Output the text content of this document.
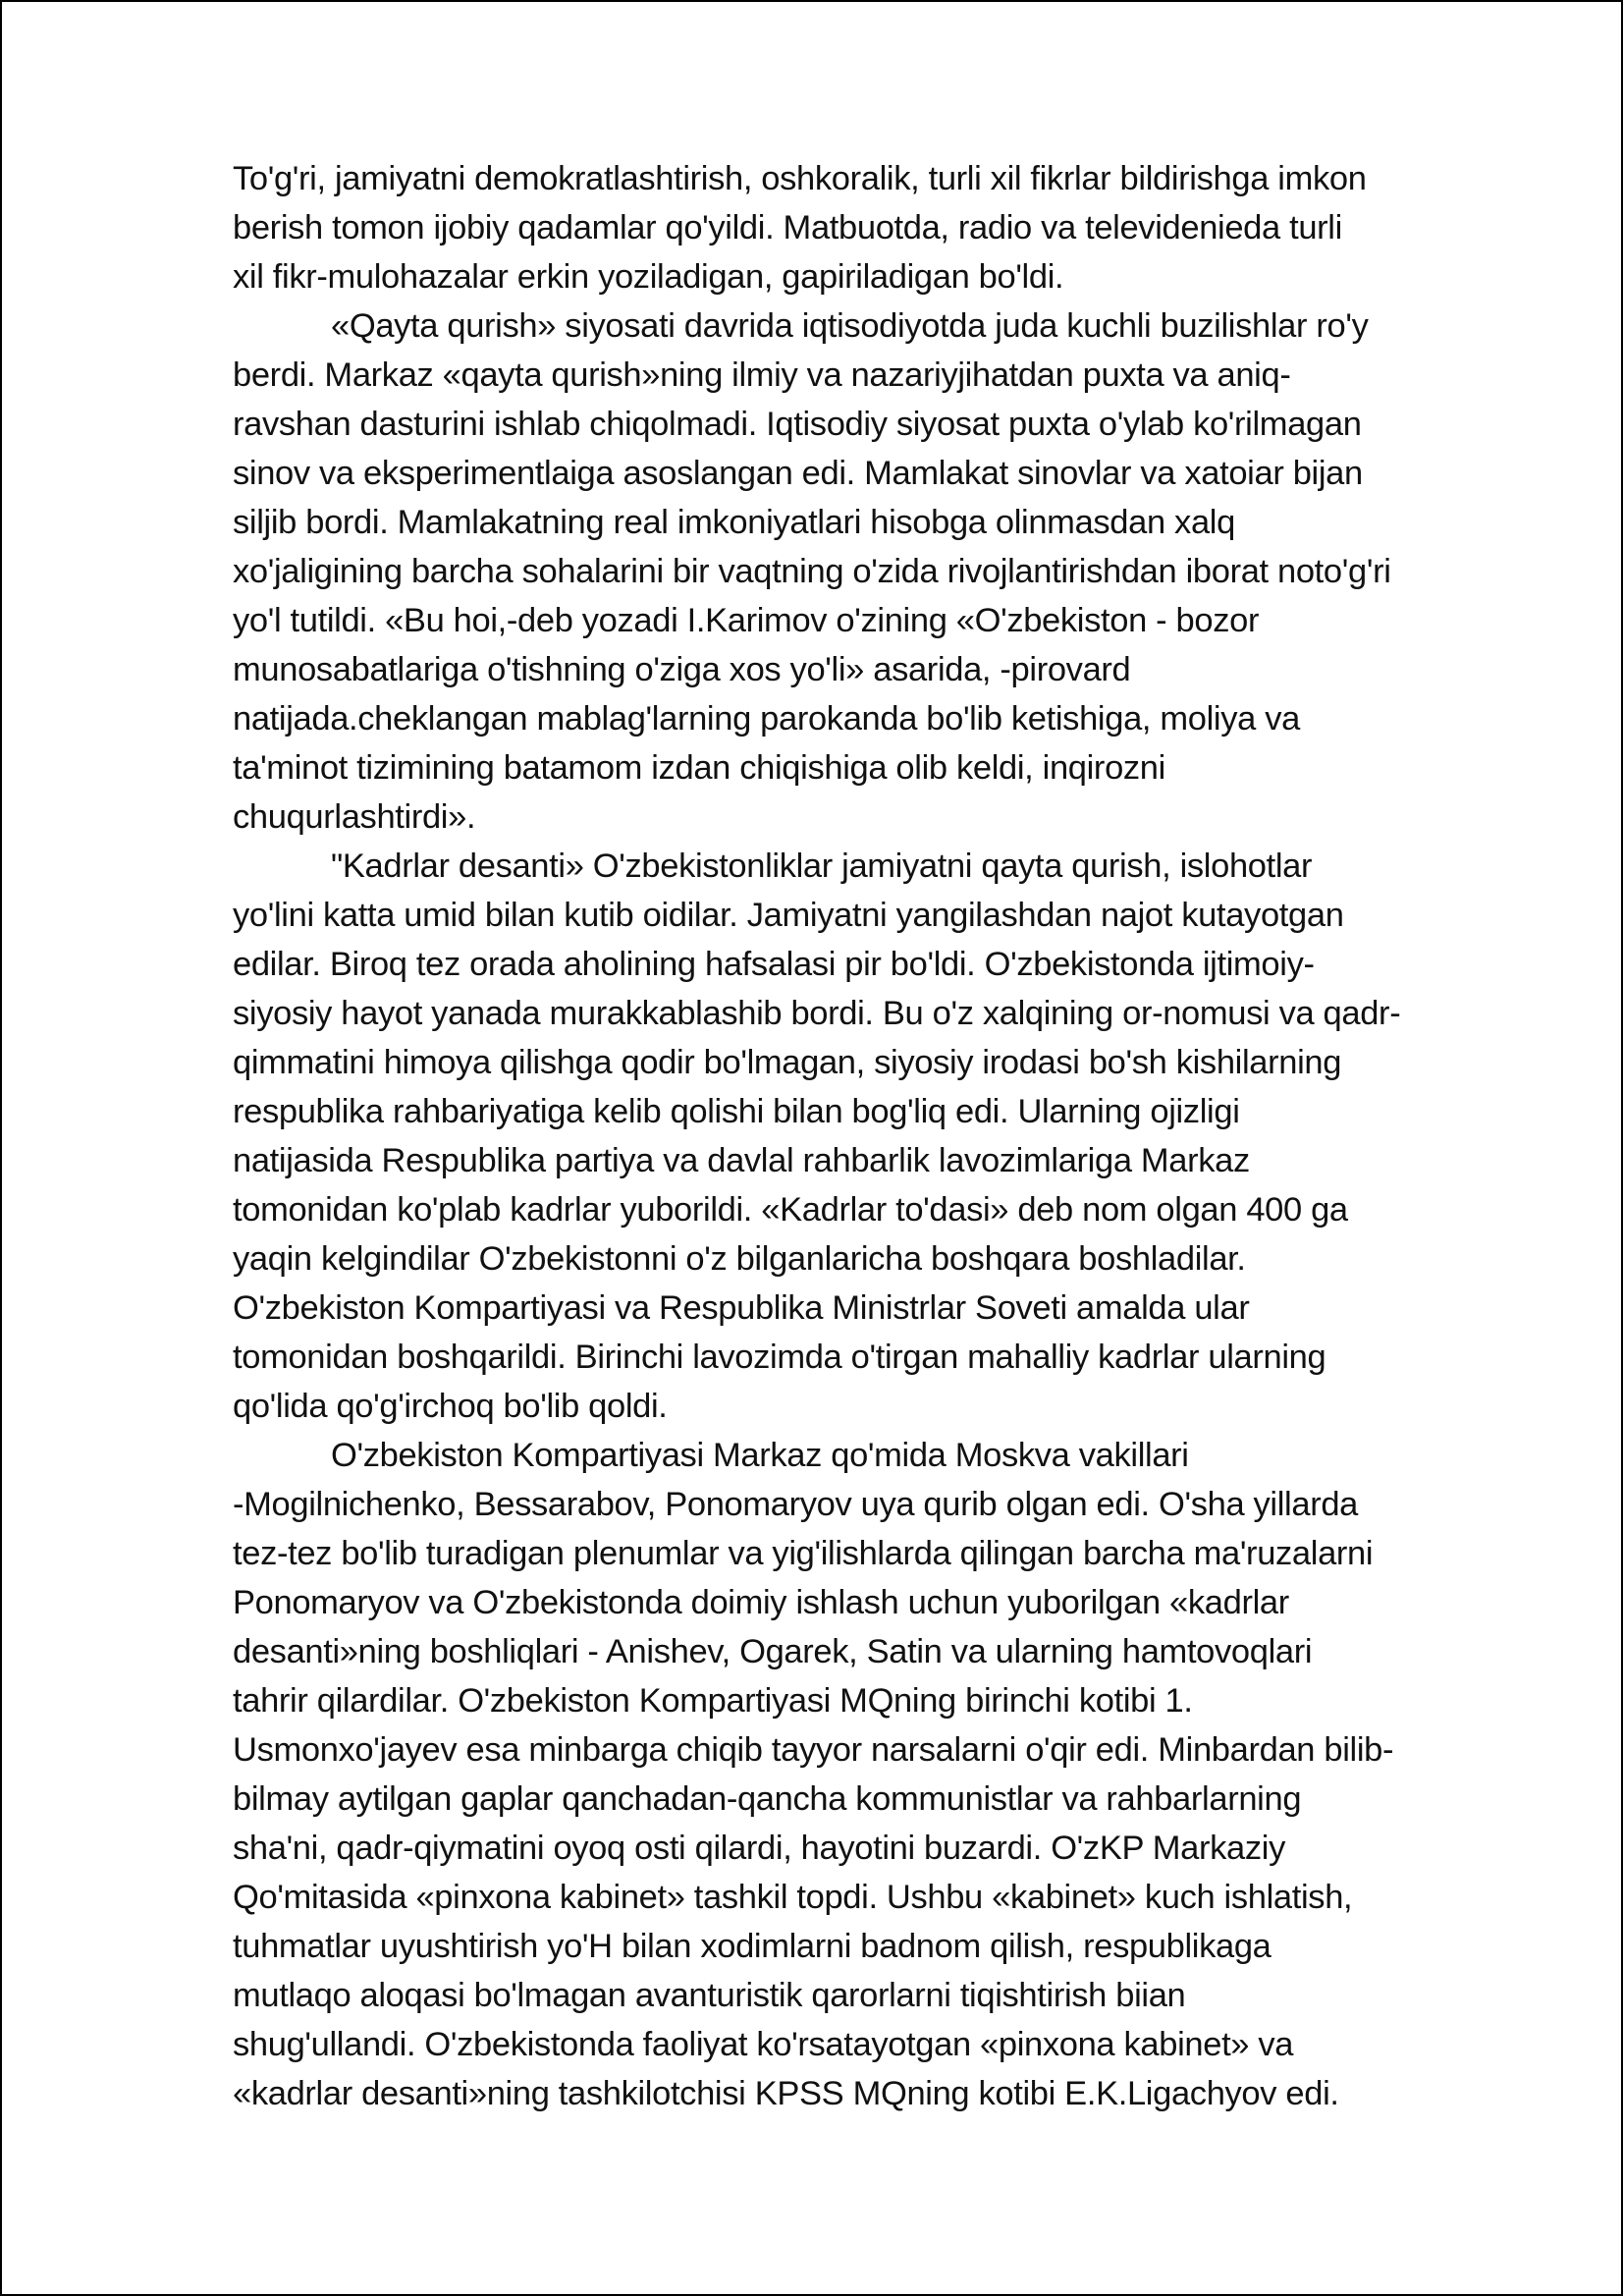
To'g'ri, jamiyatni demokratlashtirish, oshkoralik, turli xil fikrlar bildirishga imkon
berish tomon ijobiy qadamlar qo'yildi. Matbuotda, radio va televidenieda turli
xil fikr-mulohazalar erkin yoziladigan, gapiriladigan bo'ldi.

«Qayta qurish» siyosati davrida iqtisodiyotda juda kuchli buzilishlar ro'y
berdi. Markaz «qayta qurish»ning ilmiy va nazariyjihatdan puxta va aniq-
ravshan dasturini ishlab chiqolmadi. Iqtisodiy siyosat puxta o'ylab ko'rilmagan
sinov va eksperimentlaiga asoslangan edi. Mamlakat sinovlar va xatoiar bijan
siljib bordi. Mamlakatning real imkoniyatlari hisobga olinmasdan xalq
xo'jaligining barcha sohalarini bir vaqtning o'zida rivojlantirishdan iborat noto'g'ri
yo'l tutildi. «Bu hoi,-deb yozadi I.Karimov o'zining «O'zbekiston - bozor
munosabatlariga o'tishning o'ziga xos yo'li» asarida, -pirovard
natijada.cheklangan mablag'larning parokanda bo'lib ketishiga, moliya va
ta'minot tizimining batamom izdan chiqishiga olib keldi, inqirozni
chuqurlashtirdi».

"Kadrlar desanti» O'zbekistonliklar jamiyatni qayta qurish, islohotlar
yo'lini katta umid bilan kutib oidilar. Jamiyatni yangilashdan najot kutayotgan
edilar. Biroq tez orada aholining hafsalasi pir bo'ldi. O'zbekistonda ijtimoiy-
siyosiy hayot yanada murakkablashib bordi. Bu o'z xalqining or-nomusi va qadr-
qimmatini himoya qilishga qodir bo'lmagan, siyosiy irodasi bo'sh kishilarning
respublika rahbariyatiga kelib qolishi bilan bog'liq edi. Ularning ojizligi
natijasida Respublika partiya va davlal rahbarlik lavozimlariga Markaz
tomonidan ko'plab kadrlar yuborildi. «Kadrlar to'dasi» deb nom olgan 400 ga
yaqin kelgindilar O'zbekistonni o'z bilganlaricha boshqara boshladilar.
O'zbekiston Kompartiyasi va Respublika Ministrlar Soveti amalda ular
tomonidan boshqarildi. Birinchi lavozimda o'tirgan mahalliy kadrlar ularning
qo'lida qo'g'irchoq bo'lib qoldi.

O'zbekiston Kompartiyasi Markaz qo'mida Moskva vakillari
-Mogilnichenko, Bessarabov, Ponomaryov uya qurib olgan edi. O'sha yillarda
tez-tez bo'lib turadigan plenumlar va yig'ilishlarda qilingan barcha ma'ruzalarni
Ponomaryov va O'zbekistonda doimiy ishlash uchun yuborilgan «kadrlar
desanti»ning boshliqlari - Anishev, Ogarek, Satin va ularning hamtovoqlari
tahrir qilardilar. O'zbekiston Kompartiyasi MQning birinchi kotibi 1.
Usmonxo'jayev esa minbarga chiqib tayyor narsalarni o'qir edi. Minbardan bilib-
bilmay aytilgan gaplar qanchadan-qancha kommunistlar va rahbarlarning
sha'ni, qadr-qiymatini oyoq osti qilardi, hayotini buzardi. O'zKP Markaziy
Qo'mitasida «pinxona kabinet» tashkil topdi. Ushbu «kabinet» kuch ishlatish,
tuhmatlar uyushtirish yo'H bilan xodimlarni badnom qilish, respublikaga
mutlaqo aloqasi bo'lmagan avanturistik qarorlarni tiqishtirish biian
shug'ullandi. O'zbekistonda faoliyat ko'rsatayotgan «pinxona kabinet» va
«kadrlar desanti»ning tashkilotchisi KPSS MQning kotibi E.K.Ligachyov edi.
